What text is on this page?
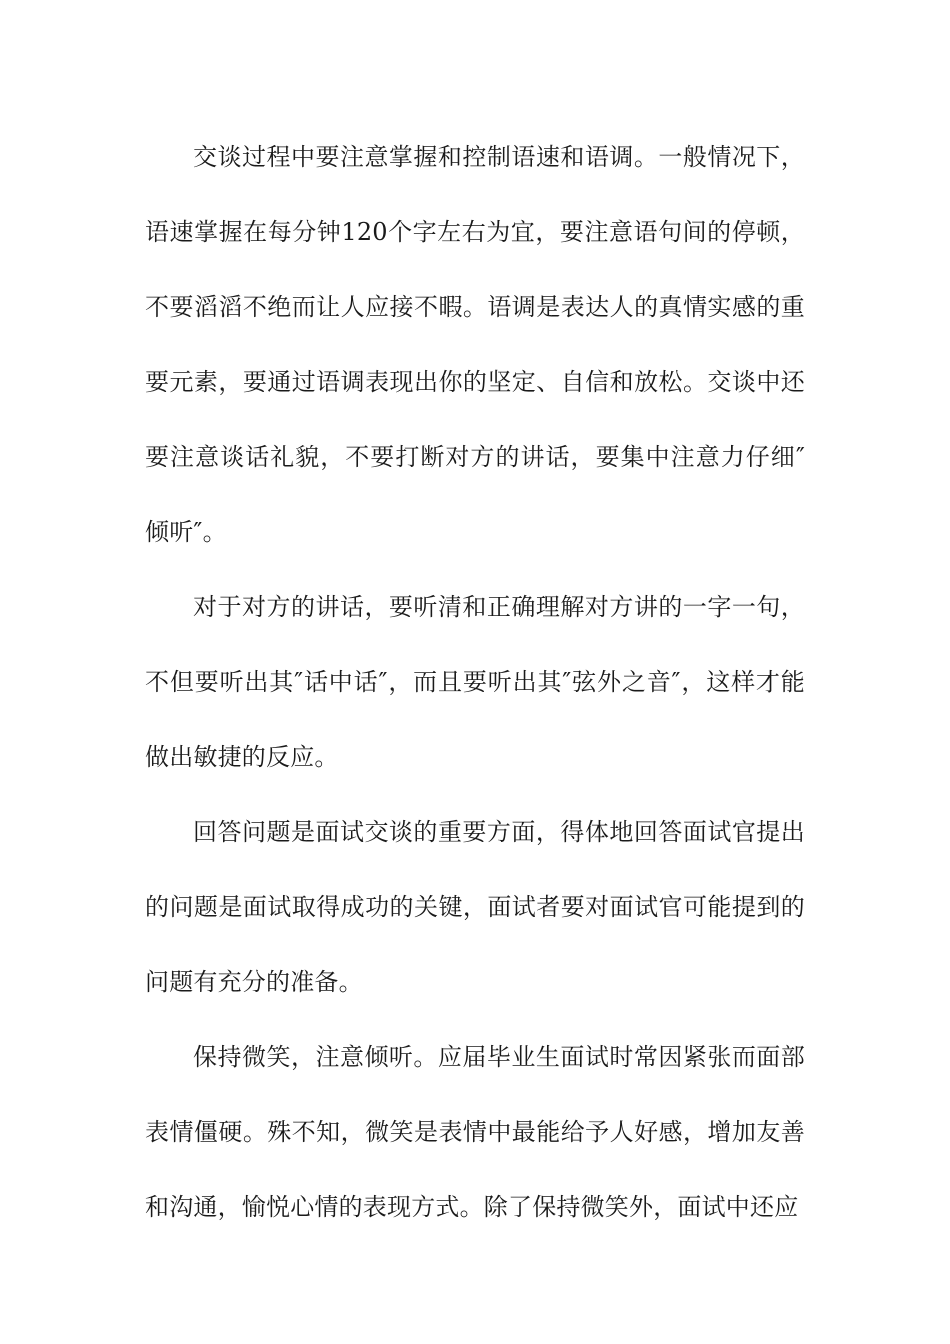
交谈过程中要注意掌握和控制语速和语调。一般情况下，语速掌握在每分钟120个字左右为宜，要注意语句间的停顿，不要滔滔不绝而让人应接不暇。语调是表达人的真情实感的重要元素，要通过语调表现出你的坚定、自信和放松。交谈中还要注意谈话礼貌，不要打断对方的讲话，要集中注意力仔细″倾听″。

对于对方的讲话，要听清和正确理解对方讲的一字一句，不但要听出其″话中话″，而且要听出其″弦外之音″，这样才能做出敏捷的反应。

回答问题是面试交谈的重要方面，得体地回答面试官提出的问题是面试取得成功的关键，面试者要对面试官可能提到的问题有充分的准备。

保持微笑，注意倾听。应届毕业生面试时常因紧张而面部表情僵硬。殊不知，微笑是表情中最能给予人好感，增加友善和沟通，愉悦心情的表现方式。除了保持微笑外，面试中还应
